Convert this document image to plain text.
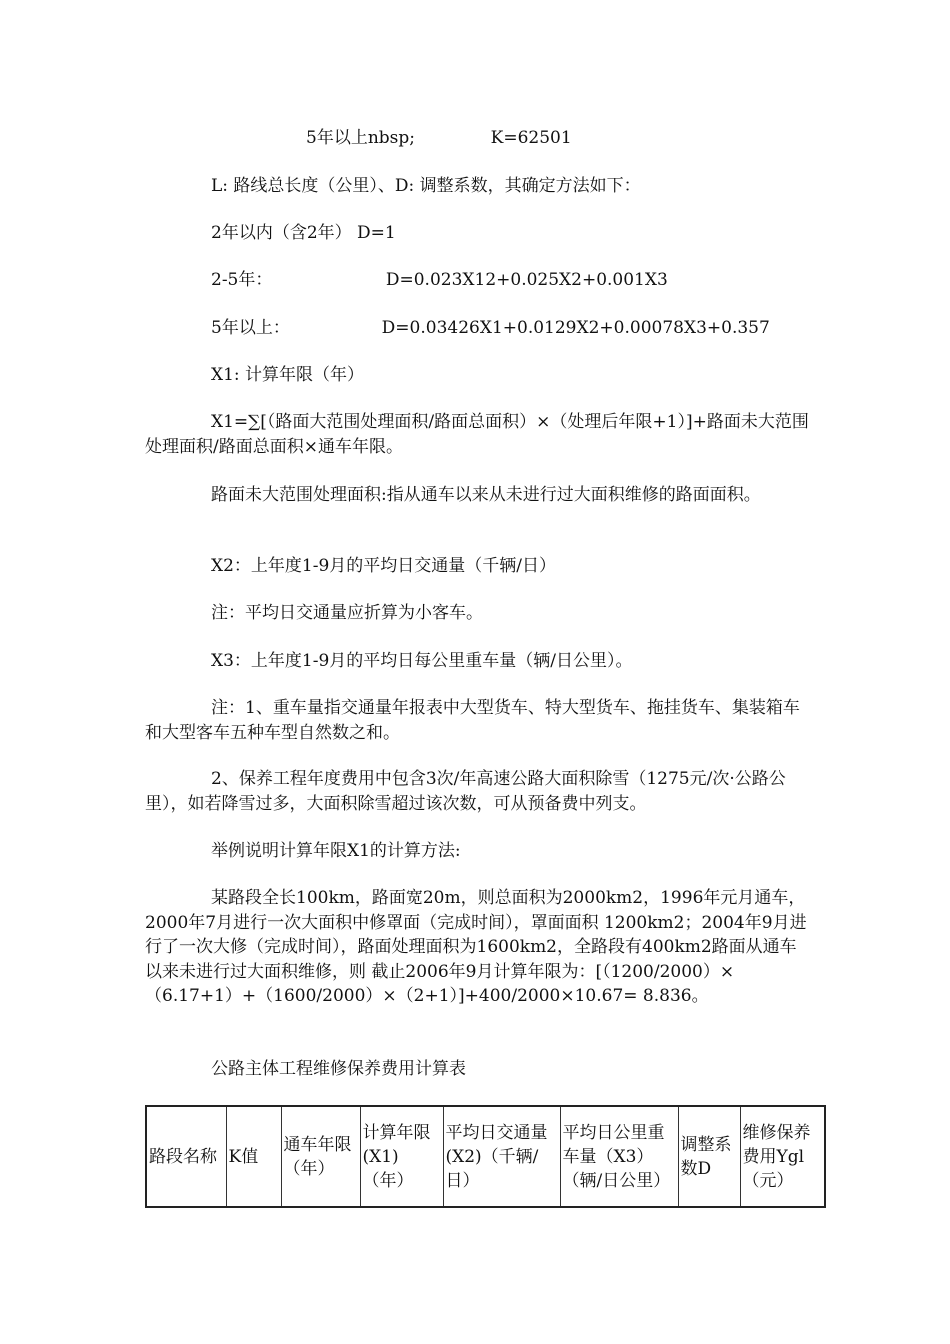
5年以上nbsp;              K=62501

L: 路线总长度（公里）、D: 调整系数，其确定方法如下：

2年以内（含2年） D=1

2-5年：                     D=0.023X12+0.025X2+0.001X3

5年以上：                 D=0.03426X1+0.0129X2+0.00078X3+0.357

X1: 计算年限（年）

X1=∑[（路面大范围处理面积/路面总面积）×（处理后年限+1）]+路面未大范围处理面积/路面总面积×通车年限。

路面未大范围处理面积:指从通车以来从未进行过大面积维修的路面面积。

X2：上年度1-9月的平均日交通量（千辆/日）

注：平均日交通量应折算为小客车。

X3：上年度1-9月的平均日每公里重车量（辆/日公里）。

注：1、重车量指交通量年报表中大型货车、特大型货车、拖挂货车、集装箱车和大型客车五种车型自然数之和。

2、保养工程年度费用中包含3次/年高速公路大面积除雪（1275元/次·公路公里），如若降雪过多，大面积除雪超过该次数，可从预备费中列支。

举例说明计算年限X1的计算方法:

某路段全长100km，路面宽20m，则总面积为2000km2，1996年元月通车，2000年7月进行一次大面积中修罩面（完成时间），罩面面积 1200km2；2004年9月进行了一次大修（完成时间），路面处理面积为1600km2，全路段有400km2路面从通车以来未进行过大面积维修，则 截止2006年9月计算年限为：[（1200/2000）×（6.17+1）+（1600/2000）×（2+1）]+400/2000×10.67= 8.836。

公路主体工程维修保养费用计算表

路段名称	K值	通车年限（年）	计算年限(X1)（年）	平均日交通量(X2)（千辆/日）	平均日公里重车量（X3）（辆/日公里）	调整系数D	维修保养费用Ygl（元）
